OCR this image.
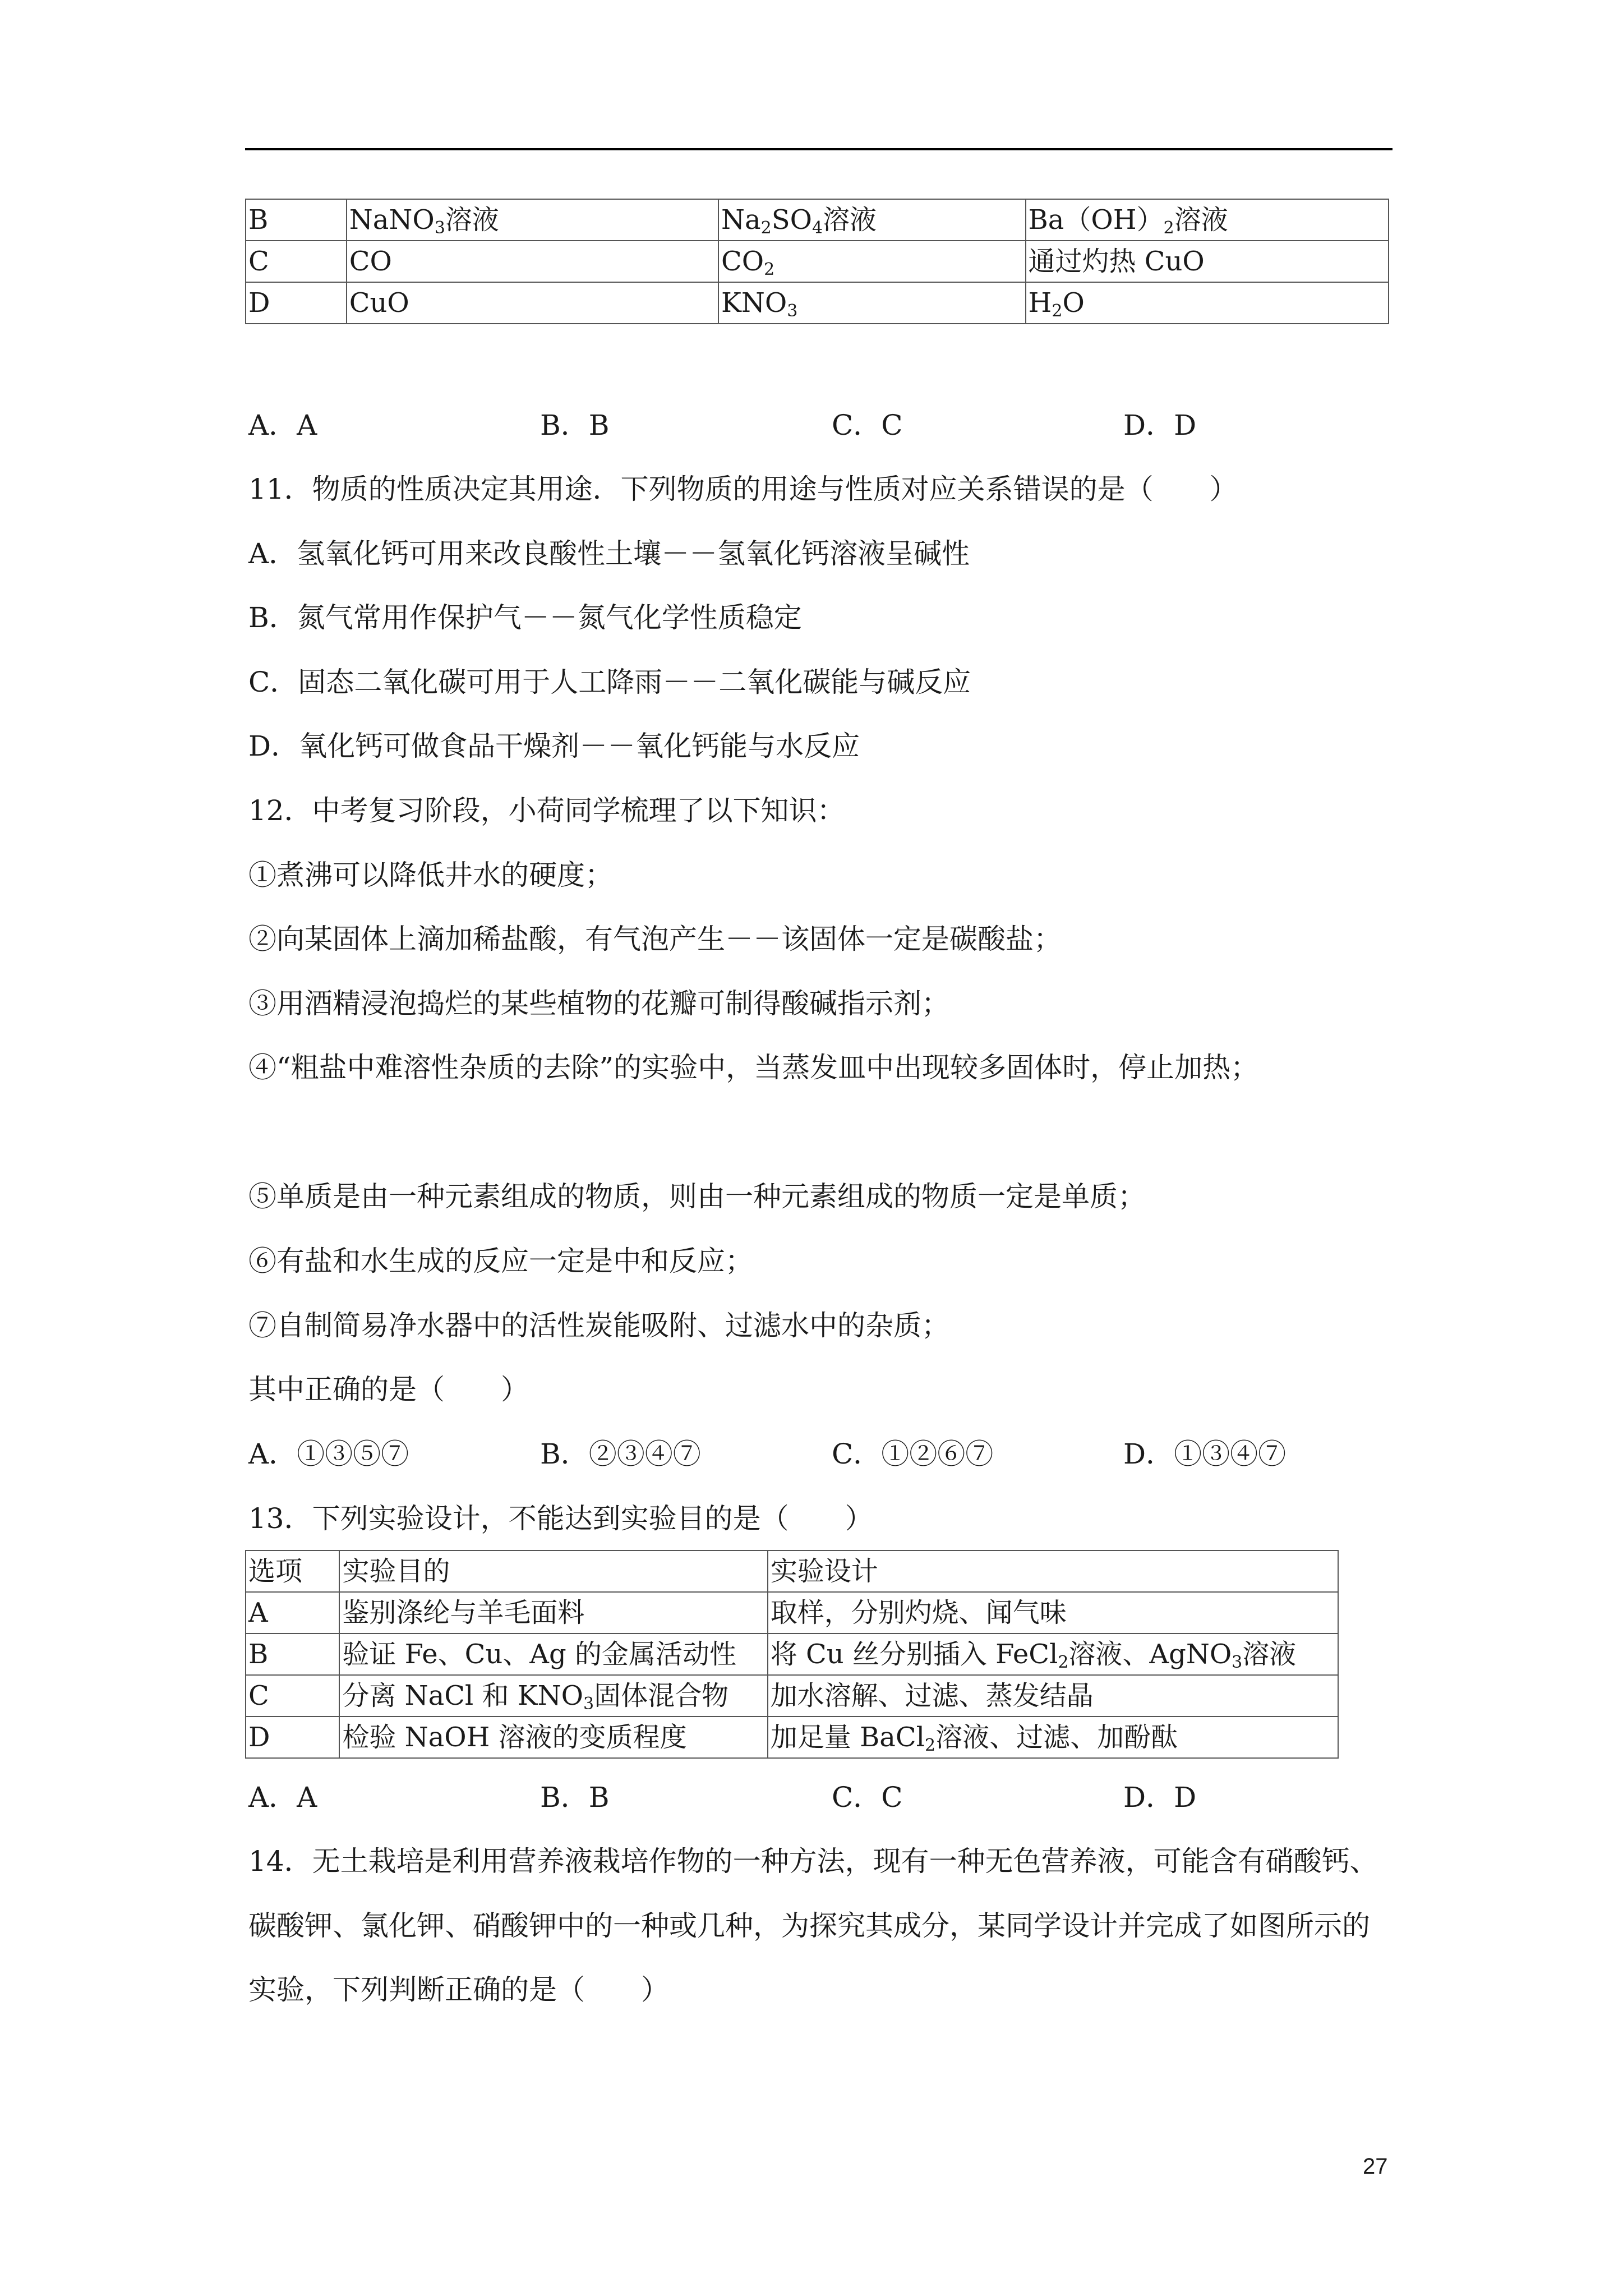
B	NaNO$_3$溶液	$Na_2SO_4$溶液	$Ba(OH)_2$溶液
C	CO	$CO_2$	通过灼热 CuO
D	CuO	$KNO_3$	$H_2O$
A．A	B．B	C．C	D．D
11．物质的性质决定其用途．下列物质的用途与性质对应关系错误的是（　　）
A．氢氧化钙可用来改良酸性土壤－－氢氧化钙溶液呈碱性
B．氮气常用作保护气－－氮气化学性质稳定
C．固态二氧化碳可用于人工降雨－－二氧化碳能与碱反应
D．氧化钙可做食品干燥剂－－氧化钙能与水反应
12．中考复习阶段，小荷同学梳理了以下知识：
①煮沸可以降低井水的硬度；
②向某固体上滴加稀盐酸，有气泡产生－－该固体一定是碳酸盐；
③用酒精浸泡捣烂的某些植物的花瓣可制得酸碱指示剂；
④“粗盐中难溶性杂质的去除”的实验中，当蒸发皿中出现较多固体时，停止加热；
⑤单质是由一种元素组成的物质，则由一种元素组成的物质一定是单质；
⑥有盐和水生成的反应一定是中和反应；
⑦自制简易净水器中的活性炭能吸附、过滤水中的杂质；
其中正确的是（　　）
A．①③⑤⑦	B．②③④⑦	C．①②⑥⑦	D．①③④⑦
13．下列实验设计，不能达到实验目的是（　　）
选项	实验目的	实验设计
A	鉴别涤纶与羊毛面料	取样，分别灼烧、闻气味
B	验证 Fe、Cu、Ag 的金属活动性	将 Cu 丝分别插入 FeCl$_2$溶液、AgNO$_3$溶液
C	分离 NaCl 和 $KNO_3$固体混合物	加水溶解、过滤、蒸发结晶
D	检验 NaOH 溶液的变质程度	加足量 BaCl$_2$溶液、过滤、加酚酞
A．A	B．B	C．C	D．D
14．无土栽培是利用营养液栽培作物的一种方法，现有一种无色营养液，可能含有硝酸钙、
碳酸钾、氯化钾、硝酸钾中的一种或几种，为探究其成分，某同学设计并完成了如图所示的
实验，下列判断正确的是（　　）
27
